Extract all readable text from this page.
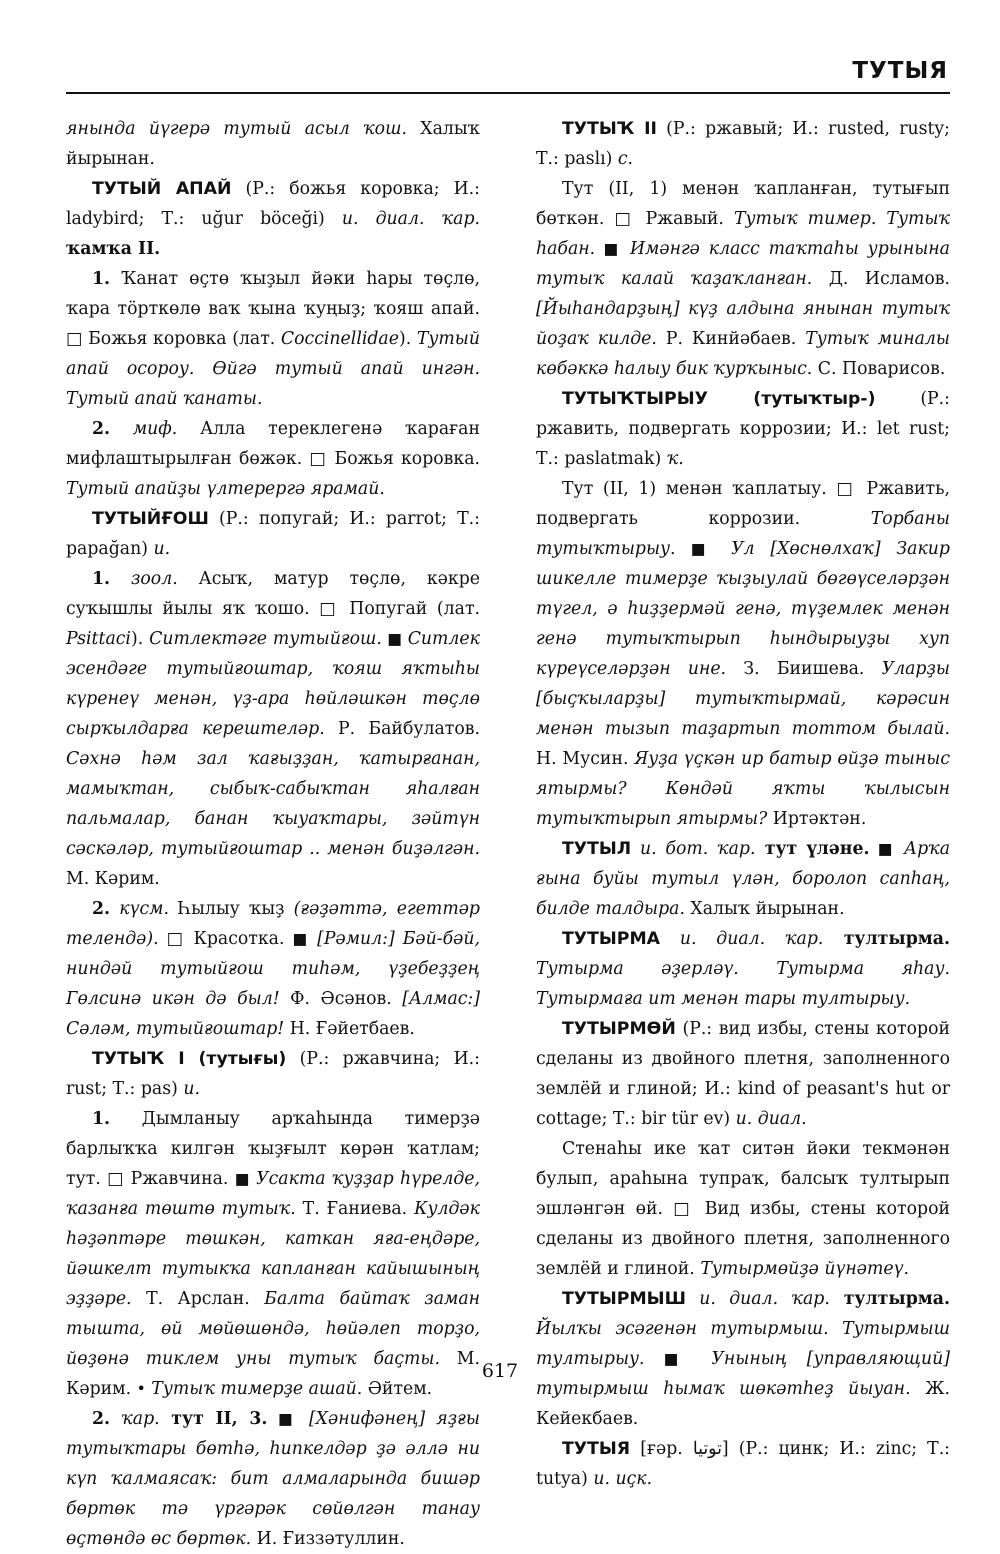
ТУТЫЯ

янында йүгерә тутый асыл ҡош. Халыҡ йырынан.

ТУТЫЙ АПАЙ (Р.: божья коровка; И.: ladybird; Т.: uğur böceği) и. диал. ҡар. ҡамҡа II.

1. Ҡанат өҫтө ҡыҙыл йәки һары төҫлө, ҡара тӧрткөлө ваҡ ҡына ҡуңыҙ; ҡояш апай. □ Божья коровка (лат. Coccinellidae). Тутый апай осороу. Өйгә тутый апай ингән. Тутый апай ҡанаты.

2. миф. Алла тереклегенә ҡараған мифлаштырылған бөжәк. □ Божья коровка. Тутый апайҙы үлтерергә ярамай.

ТУТЫЙҒОШ (Р.: попугай; И.: parrot; Т.: papağan) и.

1. зоол. Асыҡ, матур төҫлө, кәкре суҡышлы йылы яҡ ҡошо. □ Попугай (лат. Psittaci). Ситлектәге тутыйғош. ■ Ситлек эсендәге тутыйғоштар, ҡояш яҡтыһы күренеү менән, үҙ-ара һөйләшкән төҫлө сырҡылдарға керештеләр. Р. Байбулатов. Сәхнә һәм зал ҡағыҙҙан, ҡатырғанан, мамыҡтан, сыбыҡ-сабыҡтан яһалған пальмалар, банан ҡыуаҡтары, зәйтүн сәскәләр, тутыйғоштар .. менән биҙәлгән. М. Кәрим.

2. күсм. Һылыу ҡыҙ (ғәҙәттә, егеттәр телендә). □ Красотка. ■ [Рәмил:] Бәй-бәй, ниндәй тутыйғош тиһәм, үҙебеҙҙең Гөлсинә икән дә был! Ф. Әсәнов. [Алмас:] Сәләм, тутыйғоштар! Н. Ғәйетбаев.

ТУТЫҠ I (тутығы) (Р.: ржавчина; И.: rust; Т.: pas) и.

1. Дымланыу арҡаһында тимерҙә барлыҡҡа килгән ҡыҙғылт көрән ҡатлам; тут. □ Ржавчина. ■ Усакта ҡуҙҙар һүрелде, ҡазанға төштө тутыҡ. Т. Ғаниева. Кулдәк һәҙәптәре төшкән, каткан яға-еңдәре, йәшкелт тутыкҡа капланған кайышының эҙҙәре. Т. Арслан. Балта байтаҡ заман тышта, өй мөйөшөндә, һөйәлеп торҙо, йөҙөнә тиклем уны тутыҡ баҫты. М. Кәрим. • Тутыҡ тимерҙе ашай. Әйтем.

2. ҡар. тут II, 3. ■ [Хәнифәнең] яҙғы тутыҡтары бөтһә, һипкелдәр ҙә әллә ни күп ҡалмаясаҡ: бит алмаларында бишәр бөртөк тә үргәрәк сөйөлгән танау өҫтөндә өс бөртөк. И. Ғиззәтуллин.

ТУТЫҠ II (Р.: ржавый; И.: rusted, rusty; Т.: paslı) с.

Тут (II, 1) менән ҡапланған, тутығып бөткән. □ Ржавый. Тутыҡ тимер. Тутыҡ һабан. ■ Имәнгә класс таҡтаһы урынына тутыҡ калай ҡаҙаҡланған. Д. Исламов. [Йыһандарҙың] күҙ алдына янынан тутыҡ йоҙаҡ килде. Р. Кинйәбаев. Тутыҡ миналы көбәккә һалыу бик ҡурҡыныс. С. Поварисов.

ТУТЫҠТЫРЫУ (тутыҡтыр-) (Р.: ржавить, подвергать коррозии; И.: let rust; Т.: paslatmak) ҡ.

Тут (II, 1) менән ҡаплатыу. □ Ржавить, подвергать коррозии. Торбаны тутыҡтырыу. ■ Ул [Хөснөлхаҡ] Закир шикелле тимерҙе ҡыҙыулай бөгөүселәрҙән түгел, ә һиҙҙермәй генә, түҙемлек менән генә тутыҡтырып һындырыуҙы хуп күреүселәрҙән ине. З. Биишева. Уларҙы [быҫҡыларҙы] тутыҡтырмай, кәрәсин менән тызып таҙартып тоттом былай. Н. Мусин. Яуҙа үҫкән ир батыр өйҙә тыныс ятырмы? Көндәй яҡты ҡылысын тутыҡтырып ятырмы? Иртәктән.

ТУТЫЛ и. бот. ҡар. тут үләне. ■ Арҡа ғына буйы тутыл үлән, боролоп сапһаң, билде талдыра. Халыҡ йырынан.

ТУТЫРМА и. диал. ҡар. тултырма. Тутырма әҙерләү. Тутырма яһау. Тутырмаға ит менән тары тултырыу.

ТУТЫРМӨЙ (Р.: вид избы, стены которой сделаны из двойного плетня, заполненного землёй и глиной; И.: kind of peasant's hut or cottage; Т.: bir tür ev) и. диал.

Стенаһы ике ҡат ситән йәки текмәнән булып, араһына тупраҡ, балсыҡ тултырып эшләнгән өй. □ Вид избы, стены которой сделаны из двойного плетня, заполненного землёй и глиной. Тутырмөйҙә йүнәтеү.

ТУТЫРМЫШ и. диал. ҡар. тултырма. Йылҡы эсәгенән тутырмыш. Тутырмыш тултырыу. ■ Унының [управляющий] тутырмыш һымаҡ шөкәтһеҙ йыуан. Ж. Кейекбаев.

ТУТЫЯ [ғәр. توتيا] (Р.: цинк; И.: zinc; Т.: tutya) и. иҫк.

617
